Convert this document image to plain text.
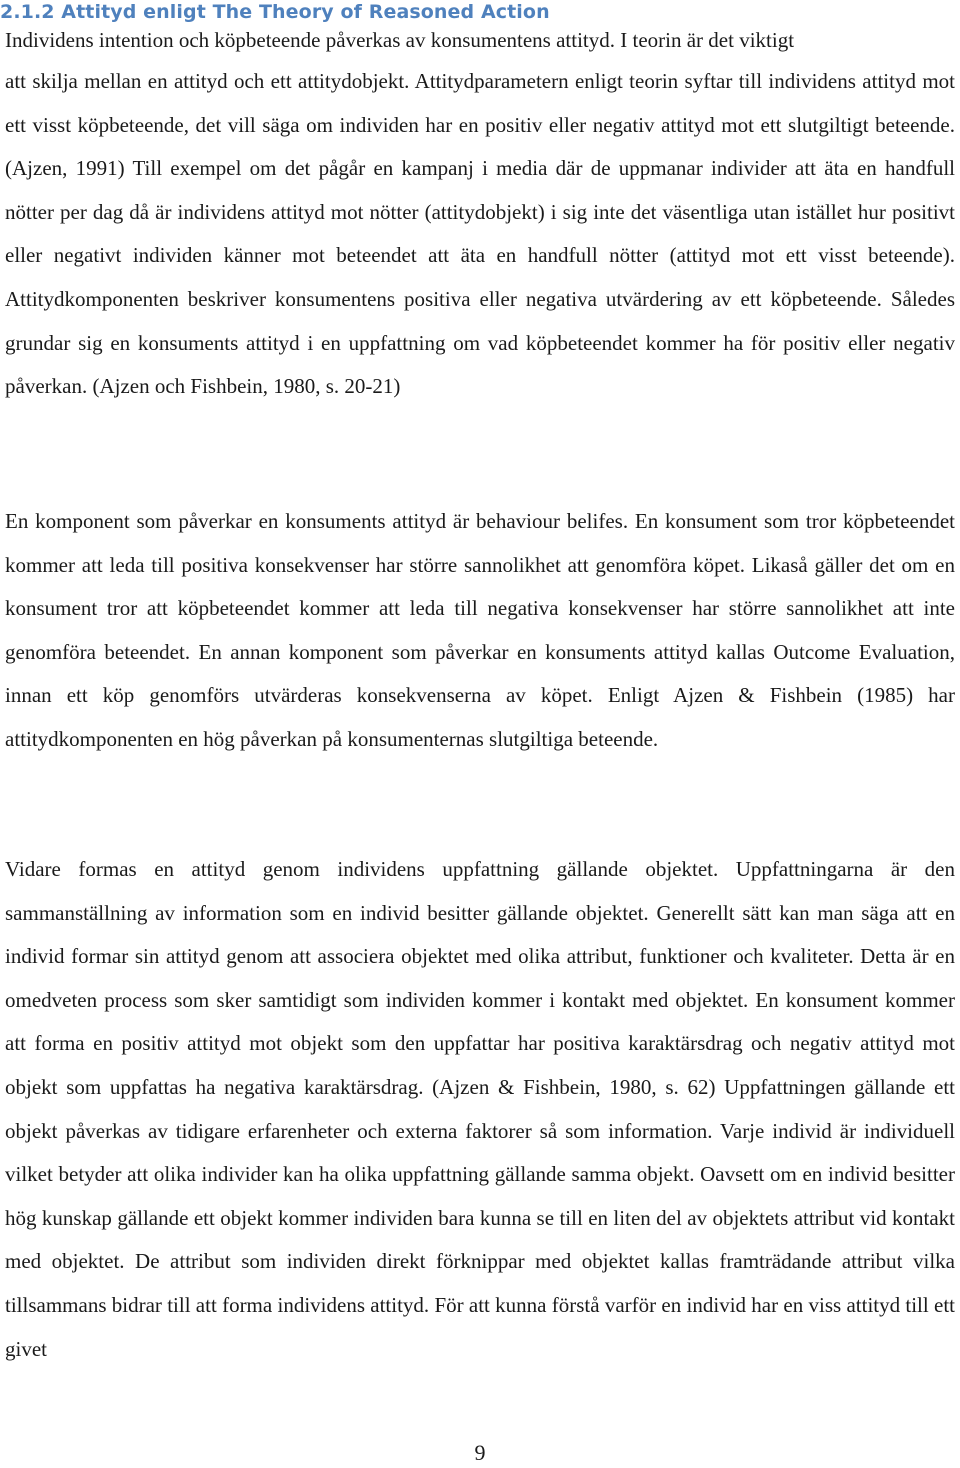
2.1.2 Attityd enligt The Theory of Reasoned Action

Individens intention och köpbeteende påverkas av konsumentens attityd. I teorin är det viktigt
att skilja mellan en attityd och ett attitydobjekt. Attitydparametern enligt teorin syftar till individens attityd mot ett visst köpbeteende, det vill säga om individen har en positiv eller negativ attityd mot ett slutgiltigt beteende. (Ajzen, 1991) Till exempel om det pågår en kampanj i media där de uppmanar individer att äta en handfull nötter per dag då är individens attityd mot nötter (attitydobjekt) i sig inte det väsentliga utan istället hur positivt eller negativt individen känner mot beteendet att äta en handfull nötter (attityd mot ett visst beteende). Attitydkomponenten beskriver konsumentens positiva eller negativa utvärdering av ett köpbeteende. Således grundar sig en konsuments attityd i en uppfattning om vad köpbeteendet kommer ha för positiv eller negativ påverkan. (Ajzen och Fishbein, 1980, s. 20-21)

En komponent som påverkar en konsuments attityd är behaviour belifes. En konsument som tror köpbeteendet kommer att leda till positiva konsekvenser har större sannolikhet att genomföra köpet. Likaså gäller det om en konsument tror att köpbeteendet kommer att leda till negativa konsekvenser har större sannolikhet att inte genomföra beteendet. En annan komponent som påverkar en konsuments attityd kallas Outcome Evaluation, innan ett köp genomförs utvärderas konsekvenserna av köpet. Enligt Ajzen & Fishbein (1985) har attitydkomponenten en hög påverkan på konsumenternas slutgiltiga beteende.

Vidare formas en attityd genom individens uppfattning gällande objektet. Uppfattningarna är den sammanställning av information som en individ besitter gällande objektet. Generellt sätt kan man säga att en individ formar sin attityd genom att associera objektet med olika attribut, funktioner och kvaliteter. Detta är en omedveten process som sker samtidigt som individen kommer i kontakt med objektet. En konsument kommer att forma en positiv attityd mot objekt som den uppfattar har positiva karaktärsdrag och negativ attityd mot objekt som uppfattas ha negativa karaktärsdrag. (Ajzen & Fishbein, 1980, s. 62) Uppfattningen gällande ett objekt påverkas av tidigare erfarenheter och externa faktorer så som information. Varje individ är individuell vilket betyder att olika individer kan ha olika uppfattning gällande samma objekt. Oavsett om en individ besitter hög kunskap gällande ett objekt kommer individen bara kunna se till en liten del av objektets attribut vid kontakt med objektet. De attribut som individen direkt förknippar med objektet kallas framträdande attribut vilka tillsammans bidrar till att forma individens attityd. För att kunna förstå varför en individ har en viss attityd till ett givet

9
